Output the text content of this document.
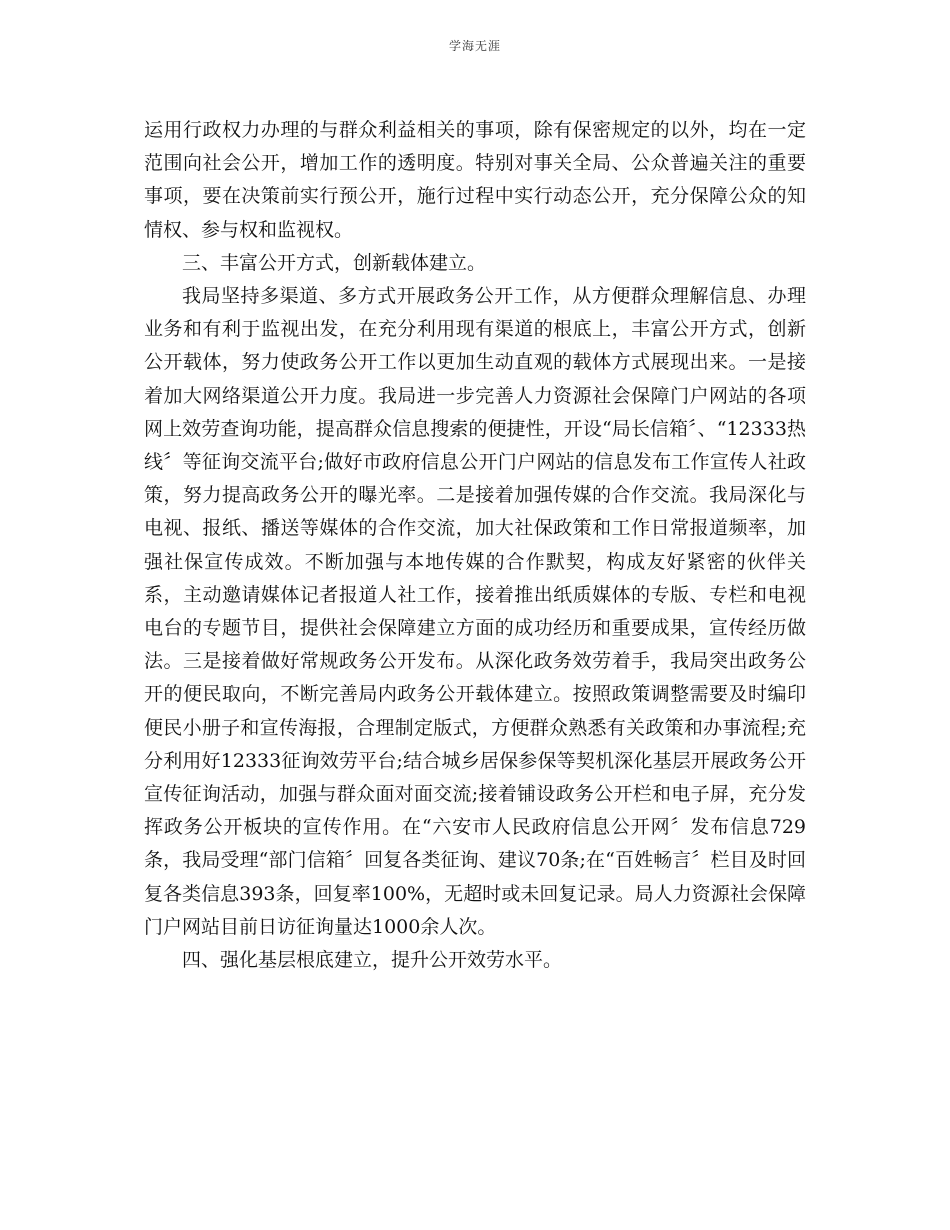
学海无涯

运用行政权力办理的与群众利益相关的事项，除有保密规定的以外，均在一定范围向社会公开，增加工作的透明度。特别对事关全局、公众普遍关注的重要事项，要在决策前实行预公开，施行过程中实行动态公开，充分保障公众的知情权、参与权和监视权。

三、丰富公开方式，创新载体建立。

我局坚持多渠道、多方式开展政务公开工作，从方便群众理解信息、办理业务和有利于监视出发，在充分利用现有渠道的根底上，丰富公开方式，创新公开载体，努力使政务公开工作以更加生动直观的载体方式展现出来。一是接着加大网络渠道公开力度。我局进一步完善人力资源社会保障门户网站的各项网上效劳查询功能，提高群众信息搜索的便捷性，开设“局长信箱〞、“12333热线〞等征询交流平台;做好市政府信息公开门户网站的信息发布工作宣传人社政策，努力提高政务公开的曝光率。二是接着加强传媒的合作交流。我局深化与电视、报纸、播送等媒体的合作交流，加大社保政策和工作日常报道频率，加强社保宣传成效。不断加强与本地传媒的合作默契，构成友好紧密的伙伴关系，主动邀请媒体记者报道人社工作，接着推出纸质媒体的专版、专栏和电视电台的专题节目，提供社会保障建立方面的成功经历和重要成果，宣传经历做法。三是接着做好常规政务公开发布。从深化政务效劳着手，我局突出政务公开的便民取向，不断完善局内政务公开载体建立。按照政策调整需要及时编印便民小册子和宣传海报，合理制定版式，方便群众熟悉有关政策和办事流程;充分利用好12333征询效劳平台;结合城乡居保参保等契机深化基层开展政务公开宣传征询活动，加强与群众面对面交流;接着铺设政务公开栏和电子屏，充分发挥政务公开板块的宣传作用。在“六安市人民政府信息公开网〞发布信息729条，我局受理“部门信箱〞回复各类征询、建议70条;在“百姓畅言〞栏目及时回复各类信息393条，回复率100%，无超时或未回复记录。局人力资源社会保障门户网站目前日访征询量达1000余人次。

四、强化基层根底建立，提升公开效劳水平。
